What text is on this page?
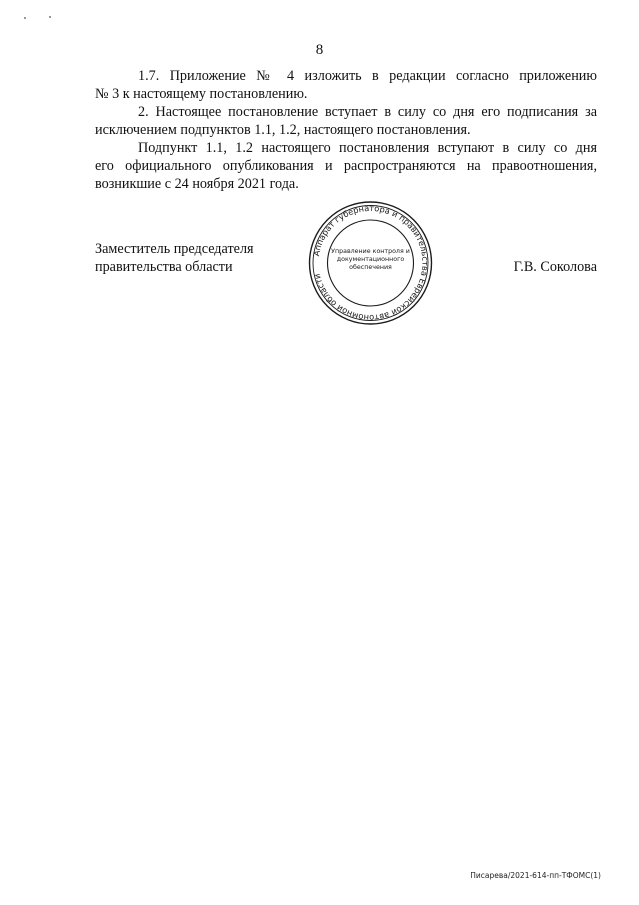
8
1.7. Приложение № 4 изложить в редакции согласно приложению
№ 3 к настоящему постановлению.
2. Настоящее постановление вступает в силу со дня его подписания за
исключением подпунктов 1.1, 1.2, настоящего постановления.
Подпункт 1.1, 1.2 настоящего постановления вступают в силу со дня
его официального опубликования и распространяются на правоотношения,
возникшие с 24 ноября 2021 года.
Заместитель председателя
правительства области
Аппарат губернатора и правительства Еврейской автономной области
Управление контроля и
документационного
обеспечения	Г.В. Соколова
Писарева/2021-614-пп-ТФОМС(1)
